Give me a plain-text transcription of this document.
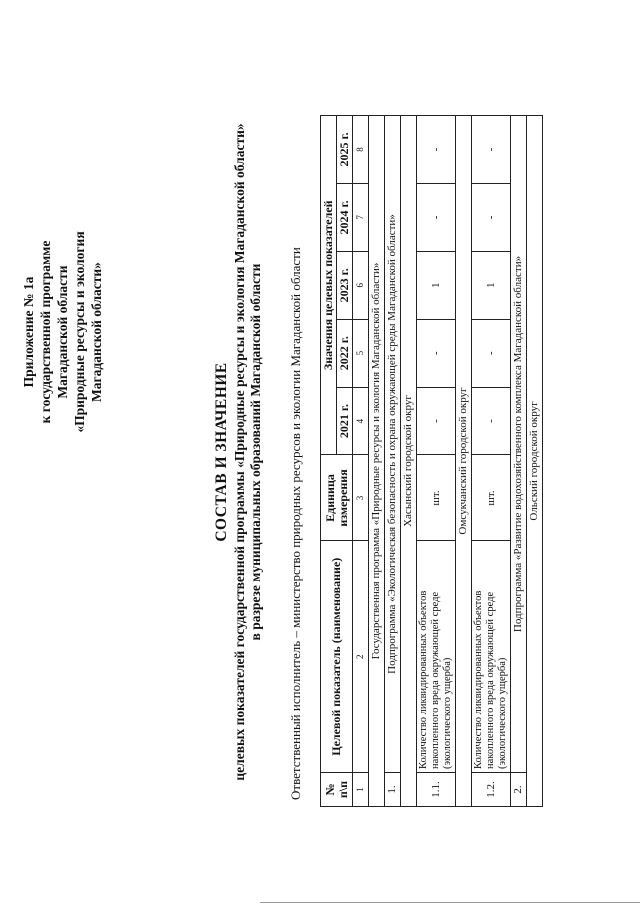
Приложение № 1а к государственной программе Магаданской области «Природные ресурсы и экология Магаданской области»
СОСТАВ И ЗНАЧЕНИЕ целевых показателей государственной программы «Природные ресурсы и экология Магаданской области» в разрезе муниципальных образований Магаданской области Ответственный исполнитель – министерство природных ресурсов и экологии Магаданской области № п\п	Целевой показатель (наименование)	Единица измерения	Значения целевых показателей				
			2021 г.	2022 г.	2023 г.	2024 г.	2025 г.
1	2	3	4	5	6	7	8
Государственная программа «Природные ресурсы и экология Магаданской области»							
1.	Подпрограмма «Экологическая безопасность и охрана окружающей среды Магаданской области»						
Хасынский городской округ							
1.1.	Количество ликвидированных объектов накопленного вреда окружающей среде (экологического ущерба)	шт.	-	-	1	-	-
Омсукчанский городской округ							
1.2.	Количество ликвидированных объектов накопленного вреда окружающей среде (экологического ущерба)	шт.	-	-	1	-	-
2.	Подпрограмма «Развитие водохозяйственного комплекса Магаданской области»						
Ольский городской округ							
